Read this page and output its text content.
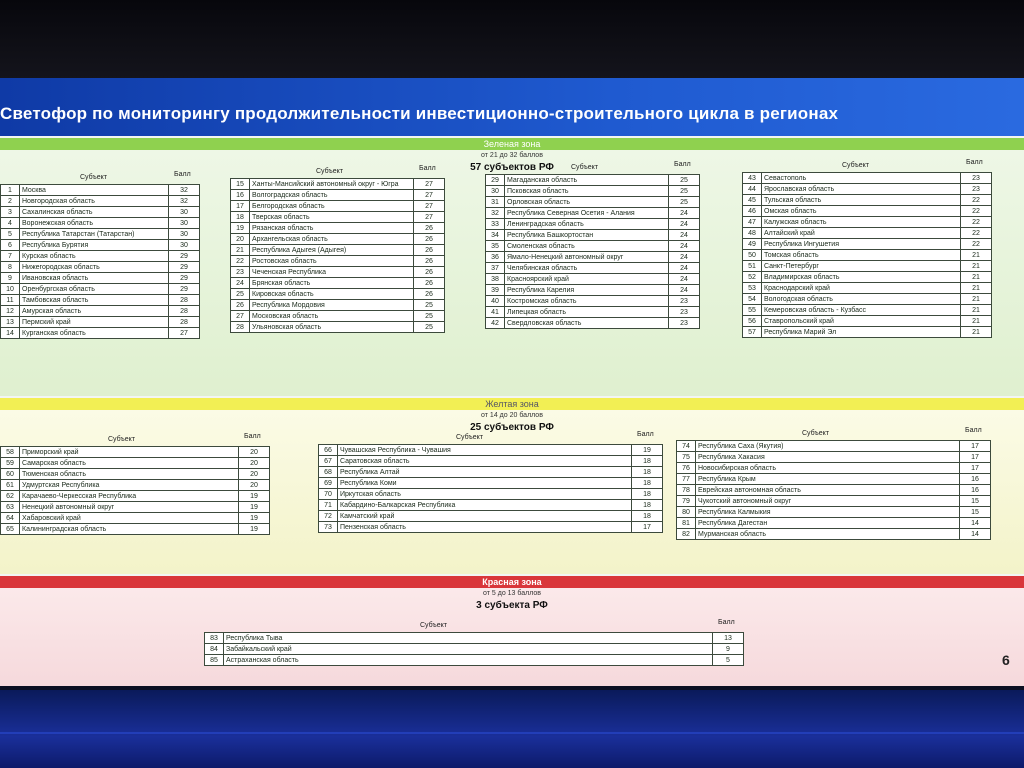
Светофор по мониторингу продолжительности инвестиционно-строительного цикла в регионах
Зеленая зона
от 21 до 32 баллов
57 субъектов РФ
Субъект	Балл
1	Москва	32
2	Новгородская область	32
3	Сахалинская область	30
4	Воронежская область	30
5	Республика Татарстан (Татарстан)	30
6	Республика Бурятия	30
7	Курская область	29
8	Нижегородская область	29
9	Ивановская область	29
10	Оренбургская область	29
11	Тамбовская область	28
12	Амурская область	28
13	Пермский край	28
14	Курганская область	27
Субъект	Балл
15	Ханты-Мансийский автономный округ - Югра	27
16	Волгоградская область	27
17	Белгородская область	27
18	Тверская область	27
19	Рязанская область	26
20	Архангельская область	26
21	Республика Адыгея (Адыгея)	26
22	Ростовская область	26
23	Чеченская Республика	26
24	Брянская область	26
25	Кировская область	26
26	Республика Мордовия	25
27	Московская область	25
28	Ульяновская область	25
Субъект	Балл
29	Магаданская область	25
30	Псковская область	25
31	Орловская область	25
32	Республика Северная Осетия - Алания	24
33	Ленинградская область	24
34	Республика Башкортостан	24
35	Смоленская область	24
36	Ямало-Ненецкий автономный округ	24
37	Челябинская область	24
38	Красноярский край	24
39	Республика Карелия	24
40	Костромская область	23
41	Липецкая область	23
42	Свердловская область	23
Субъект	Балл
43	Севастополь	23
44	Ярославская область	23
45	Тульская область	22
46	Омская область	22
47	Калужская область	22
48	Алтайский край	22
49	Республика Ингушетия	22
50	Томская область	21
51	Санкт-Петербург	21
52	Владимирская область	21
53	Краснодарский край	21
54	Вологодская область	21
55	Кемеровская область - Кузбасс	21
56	Ставропольский край	21
57	Республика Марий Эл	21
Желтая зона
от 14 до 20 баллов
25 субъектов РФ
Субъект	Балл
58	Приморский край	20
59	Самарская область	20
60	Тюменская область	20
61	Удмуртская Республика	20
62	Карачаево-Черкесская Республика	19
63	Ненецкий автономный округ	19
64	Хабаровский край	19
65	Калининградская область	19
Субъект	Балл
66	Чувашская Республика - Чувашия	19
67	Саратовская область	18
68	Республика Алтай	18
69	Республика Коми	18
70	Иркутская область	18
71	Кабардино-Балкарская Республика	18
72	Камчатский край	18
73	Пензенская область	17
Субъект	Балл
74	Республика Саха (Якутия)	17
75	Республика Хакасия	17
76	Новосибирская область	17
77	Республика Крым	16
78	Еврейская автономная область	16
79	Чукотский автономный округ	15
80	Республика Калмыкия	15
81	Республика Дагестан	14
82	Мурманская область	14
Красная зона
от 5 до 13 баллов
3 субъекта РФ
Субъект	Балл
83	Республика Тыва	13
84	Забайкальский край	9
85	Астраханская область	5	6
